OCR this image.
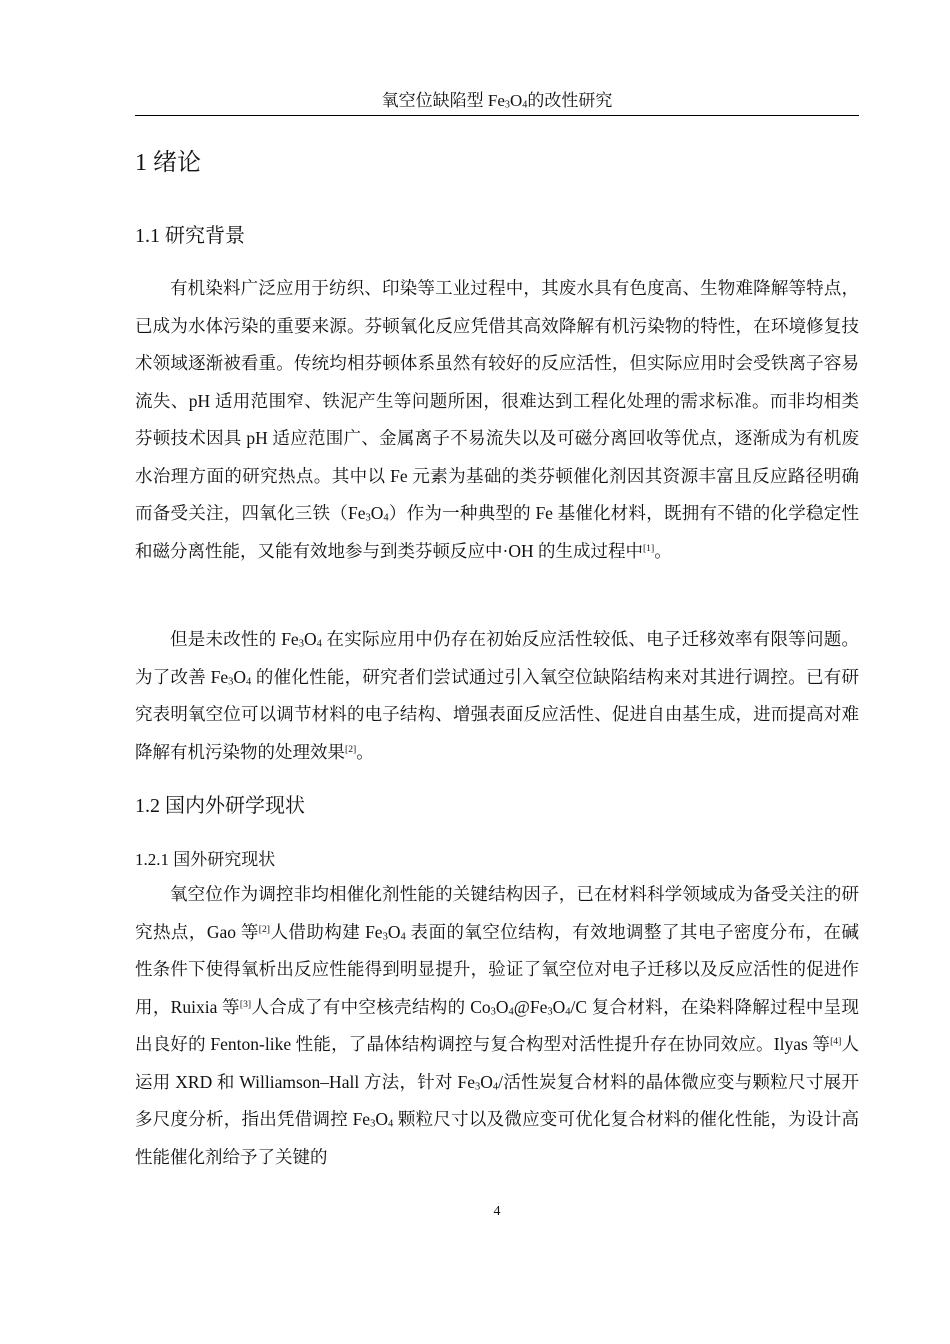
氧空位缺陷型 $Fe_3O_4$的改性研究
1 绪论
1.1 研究背景

有机染料广泛应用于纺织、印染等工业过程中，其废水具有色度高、生物难降解等特点，已成为水体污染的重要来源。芬顿氧化反应凭借其高效降解有机污染物的特性，在环境修复技术领域逐渐被看重。传统均相芬顿体系虽然有较好的反应活性，但实际应用时会受铁离子容易流失、pH 适用范围窄、铁泥产生等问题所困，很难达到工程化处理的需求标准。而非均相类芬顿技术因具 pH 适应范围广、金属离子不易流失以及可磁分离回收等优点，逐渐成为有机废水治理方面的研究热点。其中以 Fe 元素为基础的类芬顿催化剂因其资源丰富且反应路径明确而备受关注，四氧化三铁$(Fe_3O_4)$作为一种典型的 Fe 基催化材料，既拥有不错的化学稳定性和磁分离性能，又能有效地参与到类芬顿反应中·OH 的生成过程中[1]。

但是未改性的 $Fe_3O_4$ 在实际应用中仍存在初始反应活性较低、电子迁移效率有限等问题。为了改善 $Fe_3O_4$ 的催化性能，研究者们尝试通过引入氧空位缺陷结构来对其进行调控。已有研究表明氧空位可以调节材料的电子结构、增强表面反应活性、促进自由基生成，进而提高对难降解有机污染物的处理效果[2]。

1.2 国内外研学现状
1.2.1 国外研究现状

氧空位作为调控非均相催化剂性能的关键结构因子，已在材料科学领域成为备受关注的研究热点，Gao 等[2]人借助构建 $Fe_3O_4$ 表面的氧空位结构，有效地调整了其电子密度分布，在碱性条件下使得氧析出反应性能得到明显提升，验证了氧空位对电子迁移以及反应活性的促进作用，Ruixia 等[3]人合成了有中空核壳结构的 $Co_3O_4@Fe_3O_4/C$ 复合材料，在染料降解过程中呈现出良好的 Fenton-like 性能，了晶体结构调控与复合构型对活性提升存在协同效应。Ilyas 等[4]人运用 XRD 和 Williamson–Hall 方法，针对 $Fe_3O_4/$活性炭复合材料的晶体微应变与颗粒尺寸展开多尺度分析，指出凭借调控 $Fe_3O_4$ 颗粒尺寸以及微应变可优化复合材料的催化性能，为设计高性能催化剂给予了关键的

4
